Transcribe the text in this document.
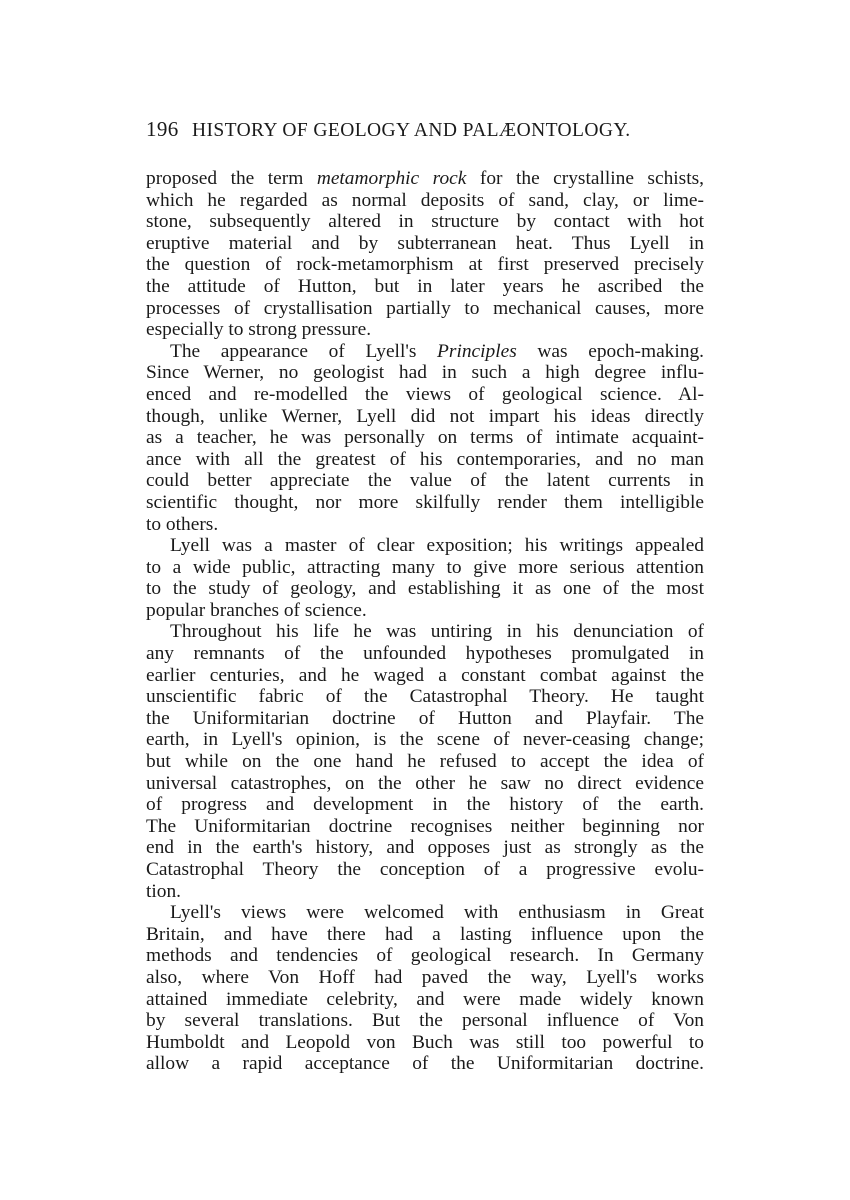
196 HISTORY OF GEOLOGY AND PALÆONTOLOGY.
proposed the term metamorphic rock for the crystalline schists,
which he regarded as normal deposits of sand, clay, or lime-
stone, subsequently altered in structure by contact with hot
eruptive material and by subterranean heat. Thus Lyell in
the question of rock-metamorphism at first preserved precisely
the attitude of Hutton, but in later years he ascribed the
processes of crystallisation partially to mechanical causes, more
especially to strong pressure.
The appearance of Lyell's Principles was epoch-making.
Since Werner, no geologist had in such a high degree influ-
enced and re-modelled the views of geological science. Al-
though, unlike Werner, Lyell did not impart his ideas directly
as a teacher, he was personally on terms of intimate acquaint-
ance with all the greatest of his contemporaries, and no man
could better appreciate the value of the latent currents in
scientific thought, nor more skilfully render them intelligible
to others.
Lyell was a master of clear exposition; his writings appealed
to a wide public, attracting many to give more serious attention
to the study of geology, and establishing it as one of the most
popular branches of science.
Throughout his life he was untiring in his denunciation of
any remnants of the unfounded hypotheses promulgated in
earlier centuries, and he waged a constant combat against the
unscientific fabric of the Catastrophal Theory. He taught
the Uniformitarian doctrine of Hutton and Playfair. The
earth, in Lyell's opinion, is the scene of never-ceasing change;
but while on the one hand he refused to accept the idea of
universal catastrophes, on the other he saw no direct evidence
of progress and development in the history of the earth.
The Uniformitarian doctrine recognises neither beginning nor
end in the earth's history, and opposes just as strongly as the
Catastrophal Theory the conception of a progressive evolu-
tion.
Lyell's views were welcomed with enthusiasm in Great
Britain, and have there had a lasting influence upon the
methods and tendencies of geological research. In Germany
also, where Von Hoff had paved the way, Lyell's works
attained immediate celebrity, and were made widely known
by several translations. But the personal influence of Von
Humboldt and Leopold von Buch was still too powerful to
allow a rapid acceptance of the Uniformitarian doctrine.
